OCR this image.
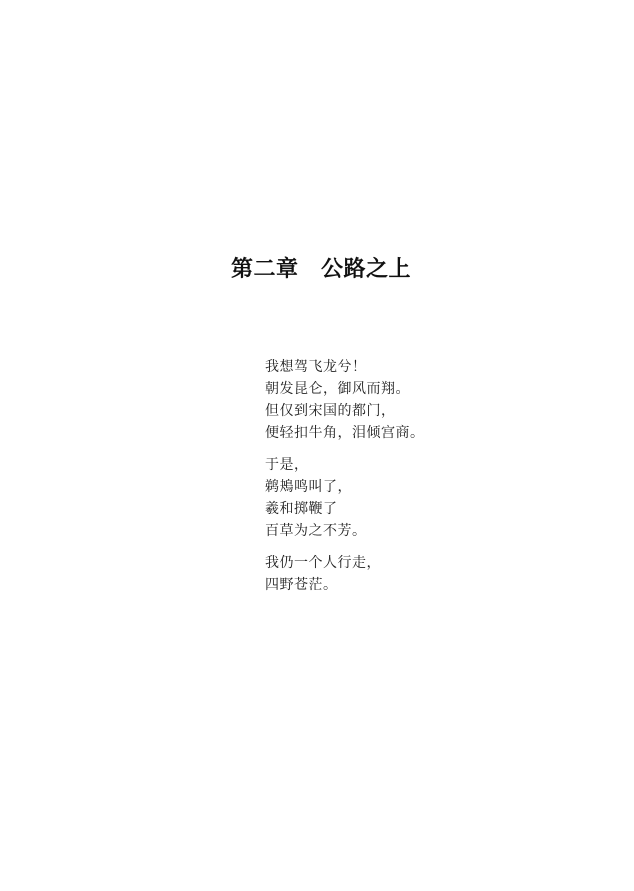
第二章　公路之上
我想驾飞龙兮！
朝发昆仑，御风而翔。
但仅到宋国的都门，
便轻扣牛角，泪倾宫商。
于是，
鹈鴂鸣叫了，
羲和掷鞭了
百草为之不芳。
我仍一个人行走，
四野苍茫。
